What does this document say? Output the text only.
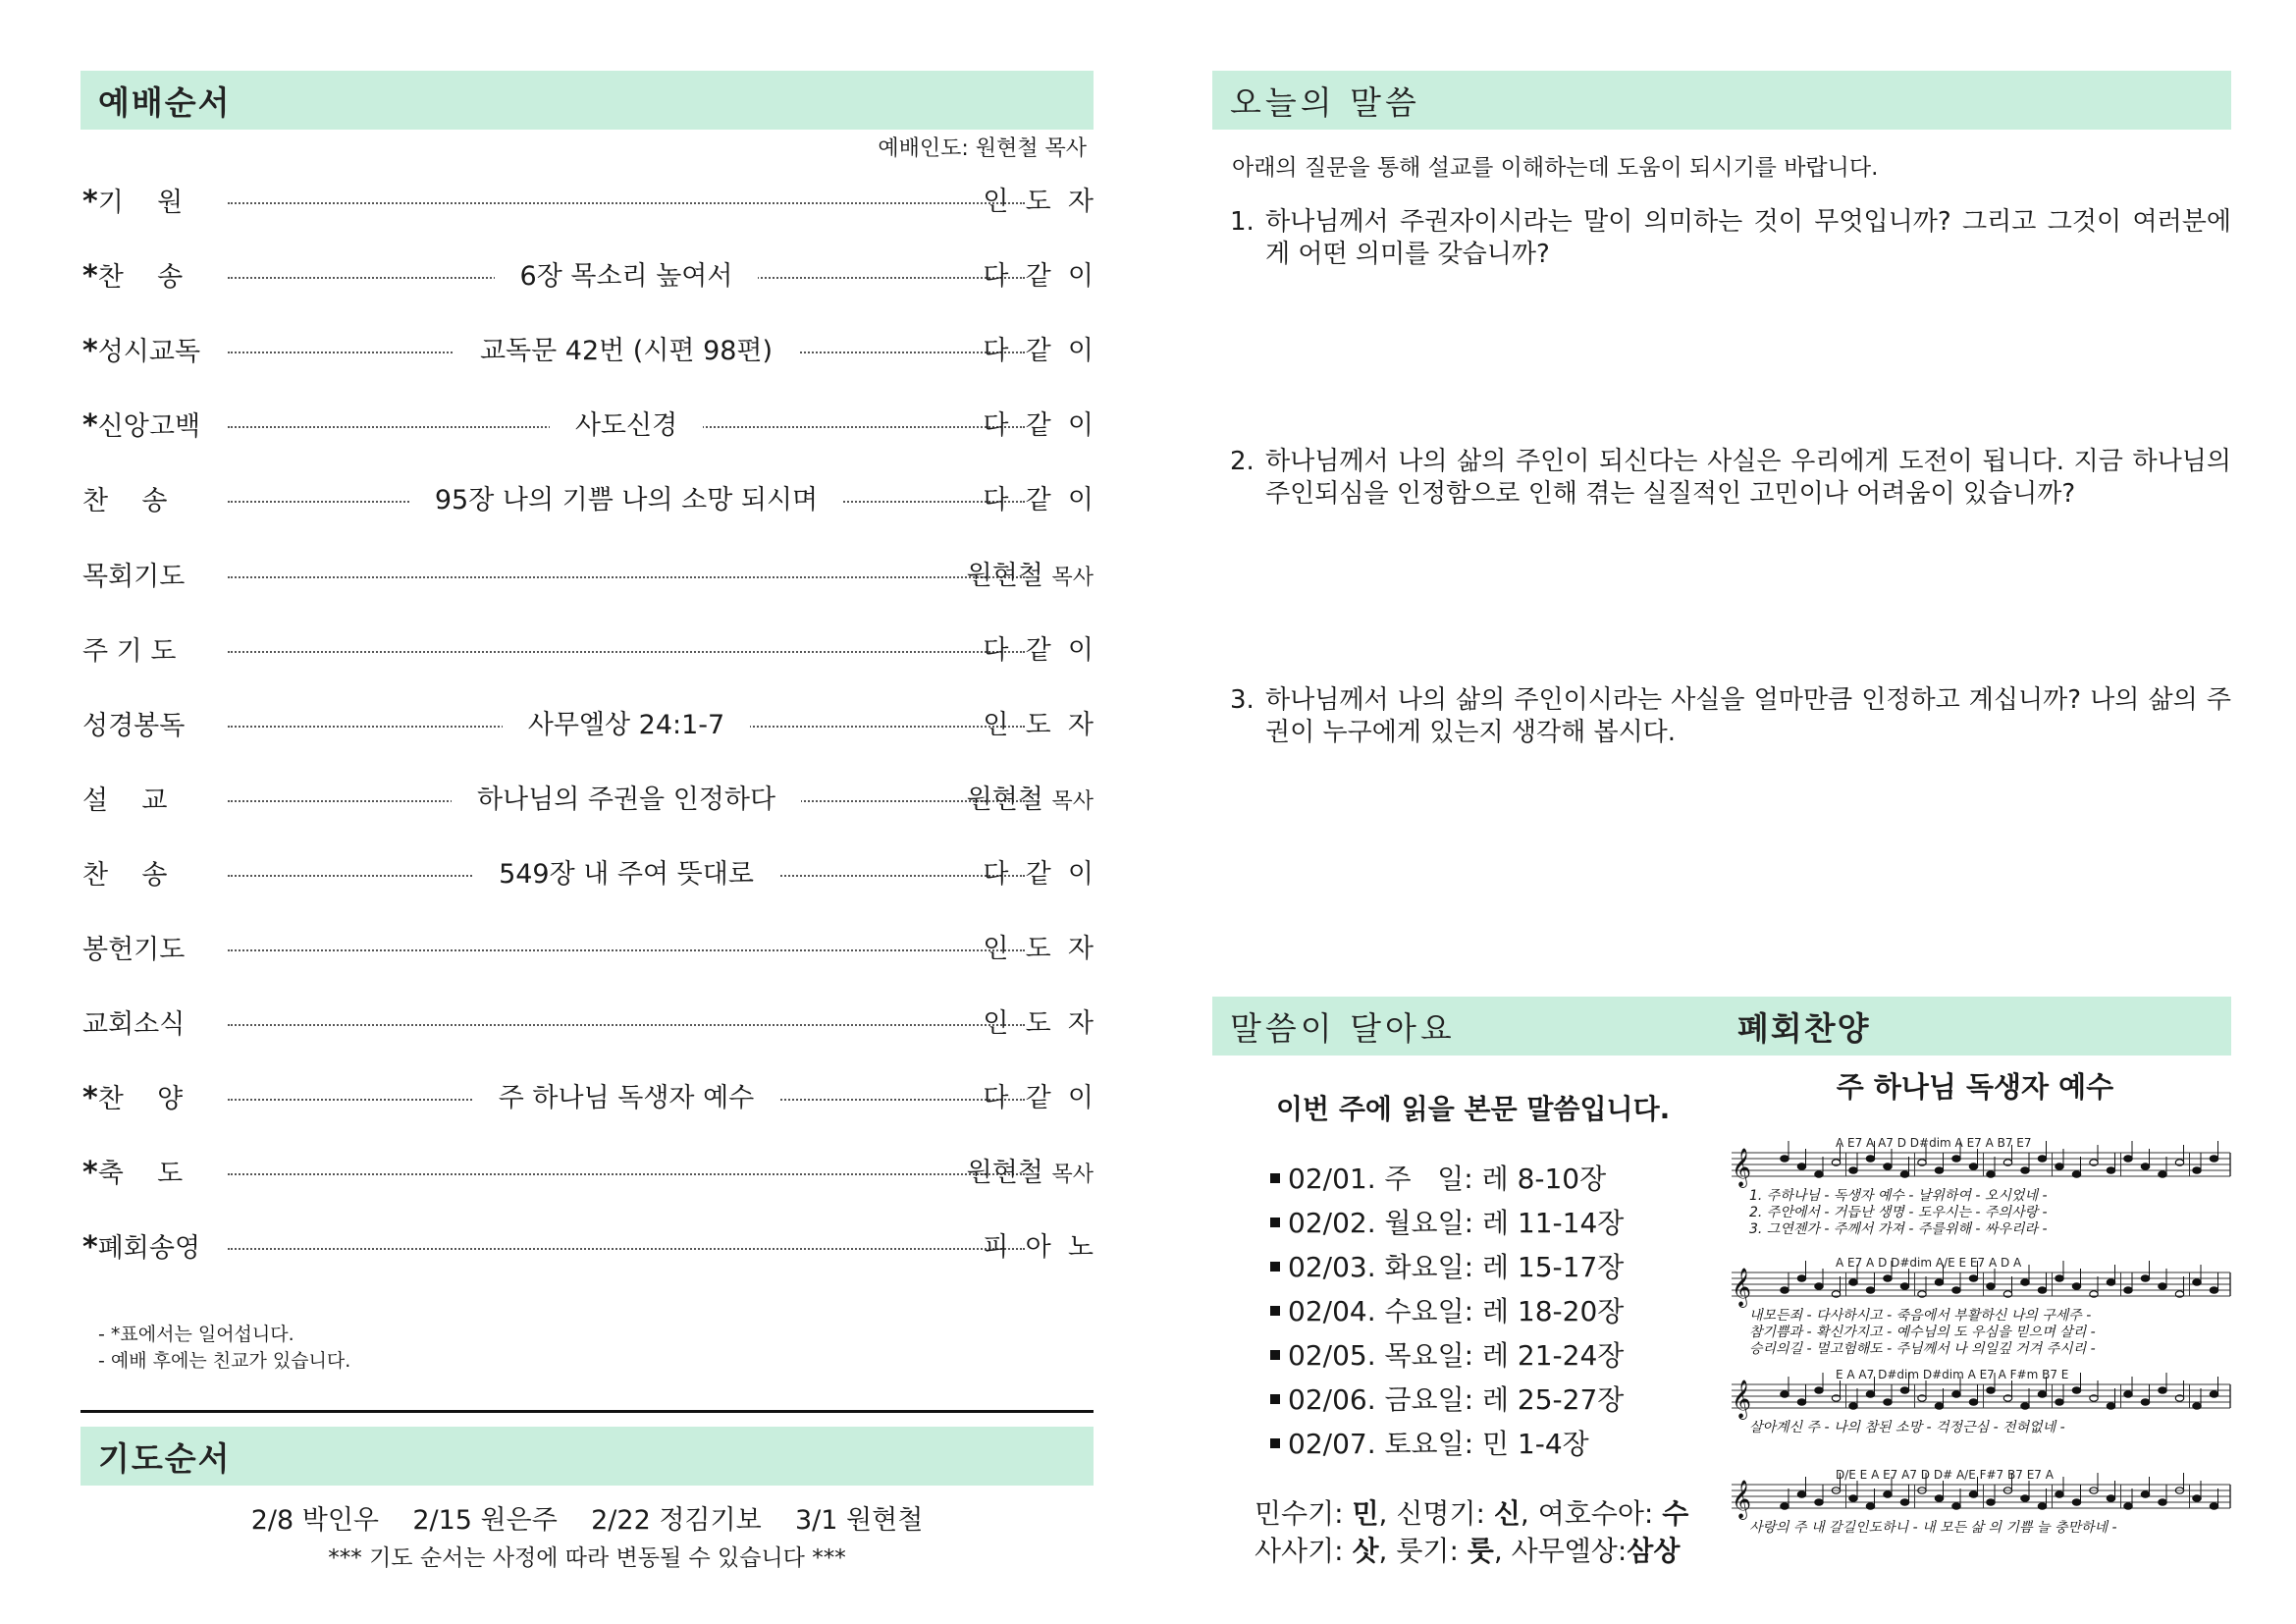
예배순서
예배인도: 원현철 목사
*기    원	인  도  자
*찬    송	6장 목소리 높여서	다  같  이
*성시교독	교독문 42번 (시편 98편)	다  같  이
*신앙고백	사도신경	다  같  이
찬    송	95장 나의 기쁨 나의 소망 되시며	다  같  이
목회기도	원현철 목사
주 기 도	다  같  이
성경봉독	사무엘상 24:1-7	인  도  자
설    교	하나님의 주권을 인정하다	원현철 목사
찬    송	549장 내 주여 뜻대로	다  같  이
봉헌기도	인  도  자
교회소식	인  도  자
*찬    양	주 하나님 독생자 예수	다  같  이
*축    도	원현철 목사
*폐회송영	피  아  노
- *표에서는 일어섭니다.
- 예배 후에는 친교가 있습니다.
기도순서
2/8 박인우    2/15 원은주    2/22 정김기보    3/1 원현철
*** 기도 순서는 사정에 따라 변동될 수 있습니다 ***
오늘의 말씀
아래의 질문을 통해 설교를 이해하는데 도움이 되시기를 바랍니다.
1. 하나님께서 주권자이시라는 말이 의미하는 것이 무엇입니까? 그리고 그것이 여러분에게 어떤 의미를 갖습니까?
2. 하나님께서 나의 삶의 주인이 되신다는 사실은 우리에게 도전이 됩니다. 지금 하나님의 주인되심을 인정함으로 인해 겪는 실질적인 고민이나 어려움이 있습니까?
3. 하나님께서 나의 삶의 주인이시라는 사실을 얼마만큼 인정하고 계십니까? 나의 삶의 주권이 누구에게 있는지 생각해 봅시다.
말씀이 달아요	폐회찬양
이번 주에 읽을 본문 말씀입니다.
02/01. 주   일: 레 8-10장
02/02. 월요일: 레 11-14장
02/03. 화요일: 레 15-17장
02/04. 수요일: 레 18-20장
02/05. 목요일: 레 21-24장
02/06. 금요일: 레 25-27장
02/07. 토요일: 민 1-4장
민수기: 민, 신명기: 신, 여호수아: 수
사사기: 삿, 룻기: 룻, 사무엘상:삼상
주 하나님 독생자 예수
A E7 A A7 D D#dim A E7 A B7 E7
𝄞
1. 주하나님 - 독생자 예수 - 날위하여 - 오시었네 -
2. 주안에서 - 거듭난 생명 - 도우시는 - 주의사랑 -
3. 그연젠가 - 주께서 가져 - 주를위해 - 싸우리라 -
A E7 A D D#dim A/E E E7 A D A
𝄞
내모든죄 - 다사하시고 - 죽음에서 부활하신 나의 구세주 -
참기쁨과 - 확신가지고 - 예수님의 도 우심을 믿으며 살리 -
승리의길 - 멀고험해도 - 주님께서 나 의일깊 거겨 주시리 -
E A A7 D#dim D#dim A E7 A F#m B7 E
𝄞
살아계신 주 - 나의 참된 소망 - 걱정근심 - 전혀없네 -
D/E E A E7 A7 D D# A/E F#7 B7 E7 A
𝄞
사랑의 주 내 갈길인도하니 - 내 모든 삶 의 기쁨 늘 충만하네 -
